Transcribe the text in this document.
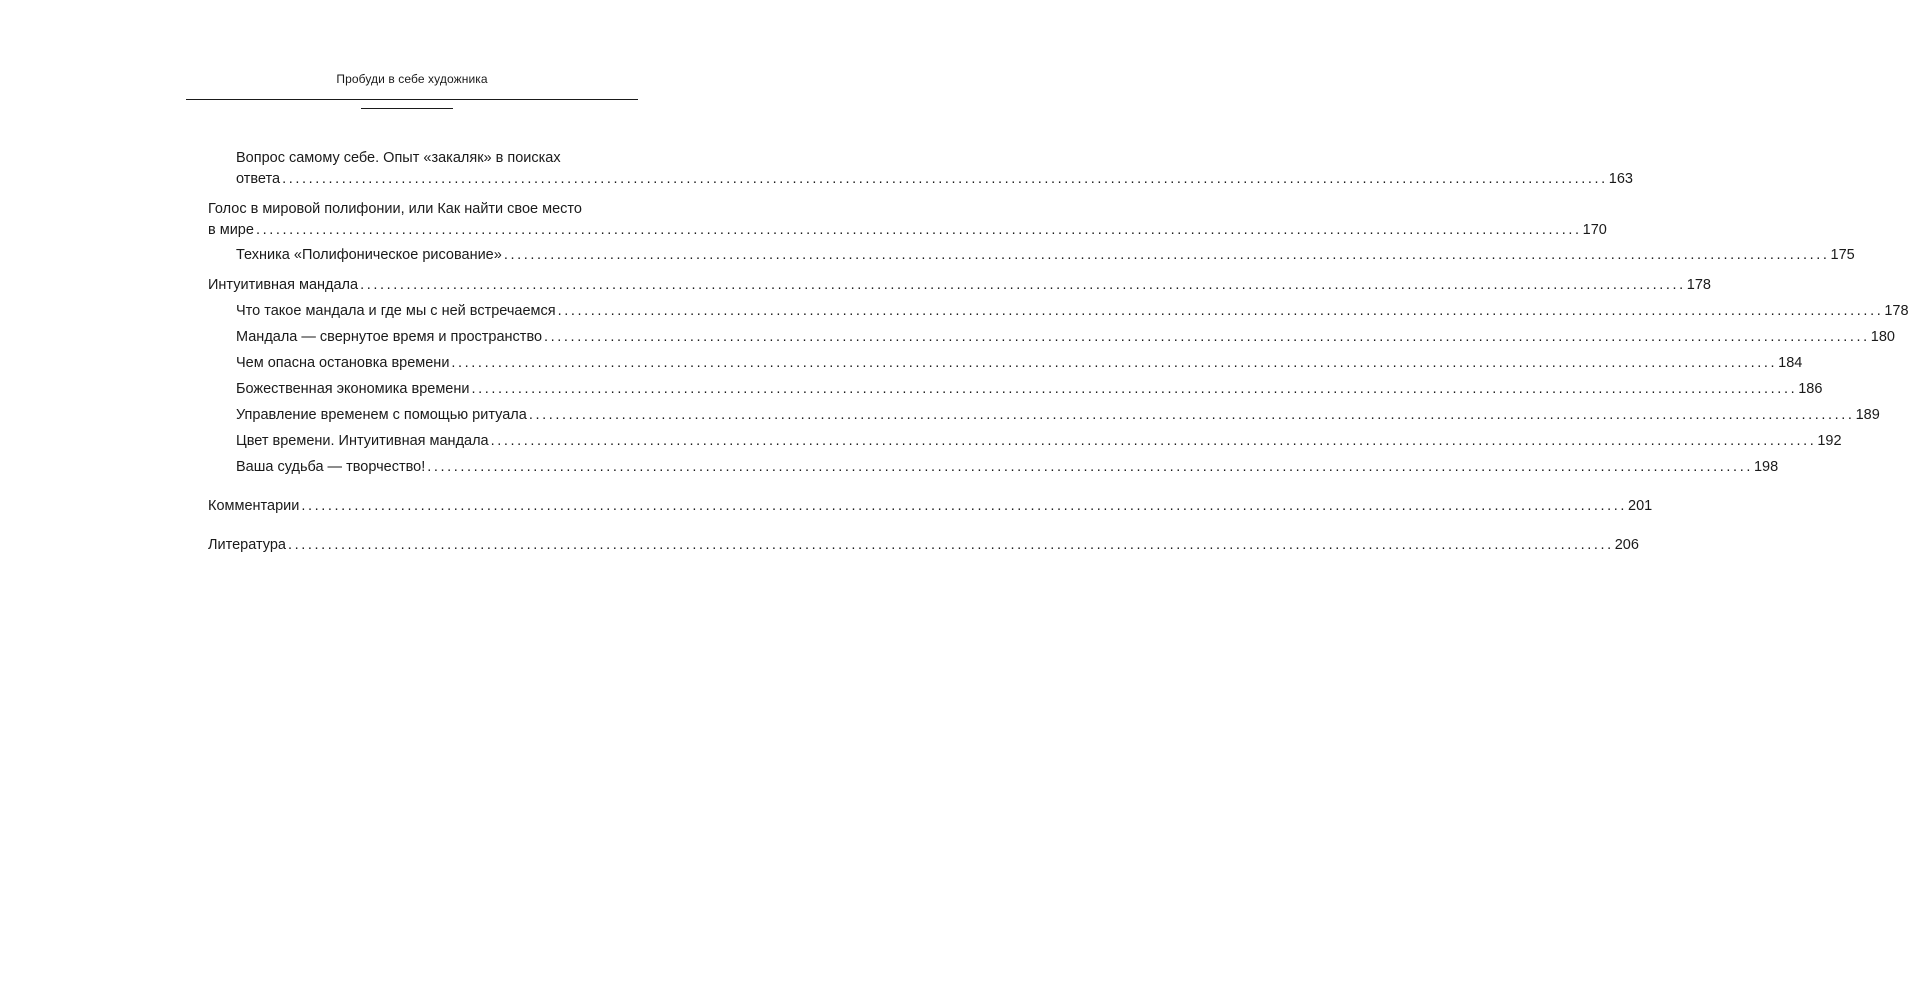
Пробуди в себе художника
Вопрос самому себе. Опыт «закаляк» в поисках
ответа ........................................................................................................................................................................................................ 163
Голос в мировой полифонии, или Как найти свое место
в мире ........................................................................................................................................................................................................ 170
Техника «Полифоническое рисование» ........................................................................................................................................................................................................ 175
Интуитивная мандала ........................................................................................................................................................................................................ 178
Что такое мандала и где мы с ней встречаемся ........................................................................................................................................................................................................ 178
Мандала — свернутое время и пространство ........................................................................................................................................................................................................ 180
Чем опасна остановка времени ........................................................................................................................................................................................................ 184
Божественная экономика времени ........................................................................................................................................................................................................ 186
Управление временем с помощью ритуала ........................................................................................................................................................................................................ 189
Цвет времени. Интуитивная мандала ........................................................................................................................................................................................................ 192
Ваша судьба — творчество! ........................................................................................................................................................................................................ 198
Комментарии ........................................................................................................................................................................................................ 201
Литература ........................................................................................................................................................................................................ 206
